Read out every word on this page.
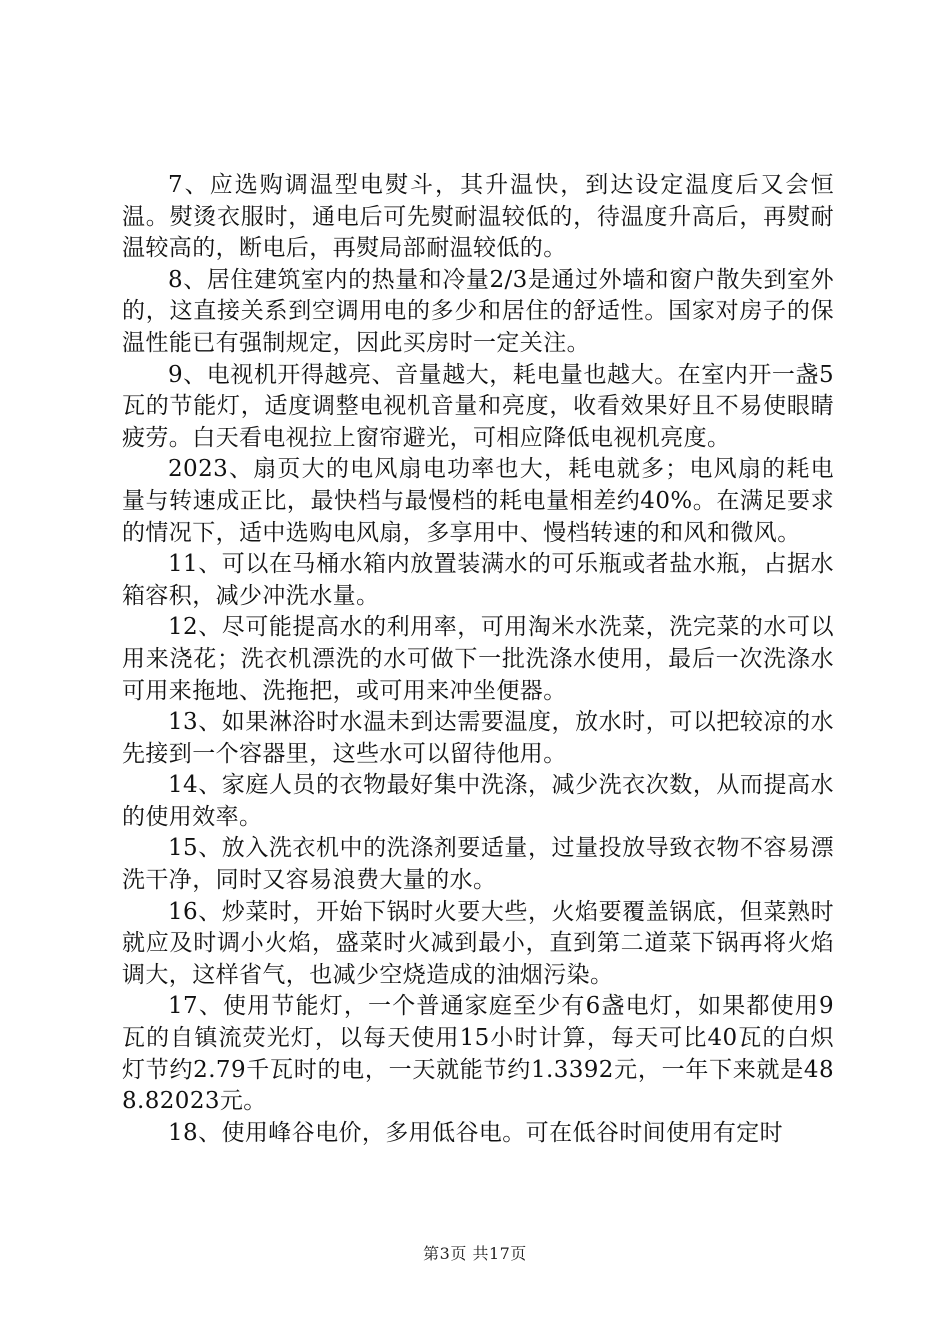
7、应选购调温型电熨斗，其升温快，到达设定温度后又会恒温。熨烫衣服时，通电后可先熨耐温较低的，待温度升高后，再熨耐温较高的，断电后，再熨局部耐温较低的。

8、居住建筑室内的热量和冷量2/3是通过外墙和窗户散失到室外的，这直接关系到空调用电的多少和居住的舒适性。国家对房子的保温性能已有强制规定，因此买房时一定关注。

9、电视机开得越亮、音量越大，耗电量也越大。在室内开一盏5瓦的节能灯，适度调整电视机音量和亮度，收看效果好且不易使眼睛疲劳。白天看电视拉上窗帘避光，可相应降低电视机亮度。

2023、扇页大的电风扇电功率也大，耗电就多；电风扇的耗电量与转速成正比，最快档与最慢档的耗电量相差约40%。在满足要求的情况下，适中选购电风扇，多享用中、慢档转速的和风和微风。

11、可以在马桶水箱内放置装满水的可乐瓶或者盐水瓶，占据水箱容积，减少冲洗水量。

12、尽可能提高水的利用率，可用淘米水洗菜，洗完菜的水可以用来浇花；洗衣机漂洗的水可做下一批洗涤水使用，最后一次洗涤水可用来拖地、洗拖把，或可用来冲坐便器。

13、如果淋浴时水温未到达需要温度，放水时，可以把较凉的水先接到一个容器里，这些水可以留待他用。

14、家庭人员的衣物最好集中洗涤，减少洗衣次数，从而提高水的使用效率。

15、放入洗衣机中的洗涤剂要适量，过量投放导致衣物不容易漂洗干净，同时又容易浪费大量的水。

16、炒菜时，开始下锅时火要大些，火焰要覆盖锅底，但菜熟时就应及时调小火焰，盛菜时火减到最小，直到第二道菜下锅再将火焰调大，这样省气，也减少空烧造成的油烟污染。

17、使用节能灯，一个普通家庭至少有6盏电灯，如果都使用9瓦的自镇流荧光灯，以每天使用15小时计算，每天可比40瓦的白炽灯节约2.79千瓦时的电，一天就能节约1.3392元，一年下来就是488.82023元。

18、使用峰谷电价，多用低谷电。可在低谷时间使用有定时

第3页 共17页
